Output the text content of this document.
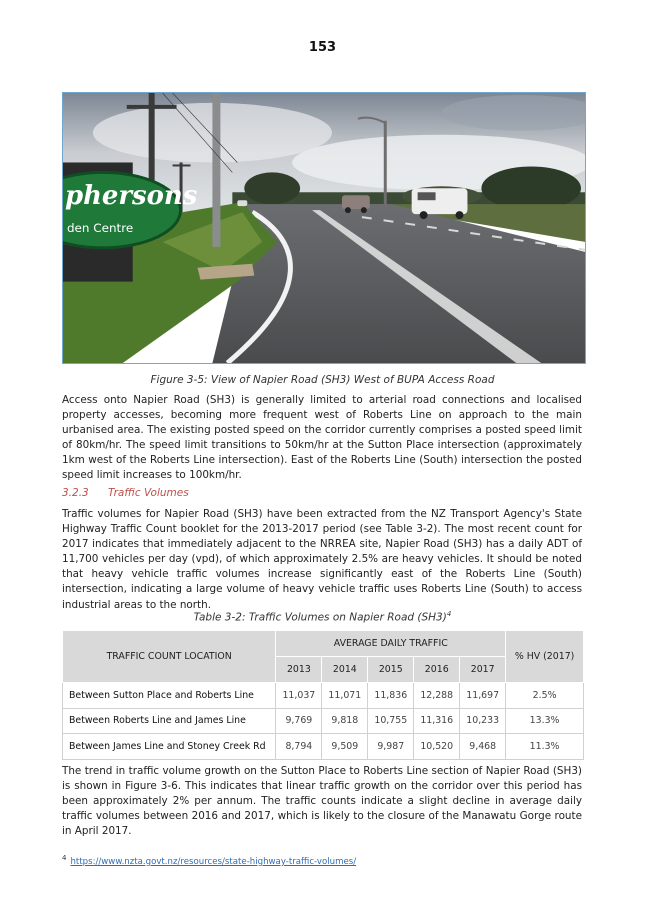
153
phersons
den Centre
Figure 3-5: View of Napier Road (SH3) West of BUPA Access Road

Access onto Napier Road (SH3) is generally limited to arterial road connections and localised property accesses, becoming more frequent west of Roberts Line on approach to the main urbanised area. The existing posted speed on the corridor currently comprises a posted speed limit of 80km/hr. The speed limit transitions to 50km/hr at the Sutton Place intersection (approximately 1km west of the Roberts Line intersection). East of the Roberts Line (South) intersection the posted speed limit increases to 100km/hr.

3.2.3 Traffic Volumes

Traffic volumes for Napier Road (SH3) have been extracted from the NZ Transport Agency's State Highway Traffic Count booklet for the 2013-2017 period (see Table 3-2). The most recent count for 2017 indicates that immediately adjacent to the NRREA site, Napier Road (SH3) has a daily ADT of 11,700 vehicles per day (vpd), of which approximately 2.5% are heavy vehicles. It should be noted that heavy vehicle traffic volumes increase significantly east of the Roberts Line (South) intersection, indicating a large volume of heavy vehicle traffic uses Roberts Line (South) to access industrial areas to the north.

Table 3-2: Traffic Volumes on Napier Road $(SH3)^4$
TRAFFIC COUNT LOCATION	AVERAGE DAILY TRAFFIC					% HV (2017)
	2013	2014	2015	2016	2017	
Between Sutton Place and Roberts Line	11,037	11,071	11,836	12,288	11,697	2.5%
Between Roberts Line and James Line	9,769	9,818	10,755	11,316	10,233	13.3%
Between James Line and Stoney Creek Rd	8,794	9,509	9,987	10,520	9,468	11.3%

The trend in traffic volume growth on the Sutton Place to Roberts Line section of Napier Road (SH3) is shown in Figure 3-6. This indicates that linear traffic growth on the corridor over this period has been approximately 2% per annum. The traffic counts indicate a slight decline in average daily traffic volumes between 2016 and 2017, which is likely to the closure of the Manawatu Gorge route in April 2017.

$^4$ https://www.nzta.govt.nz/resources/state-highway-traffic-volumes/
